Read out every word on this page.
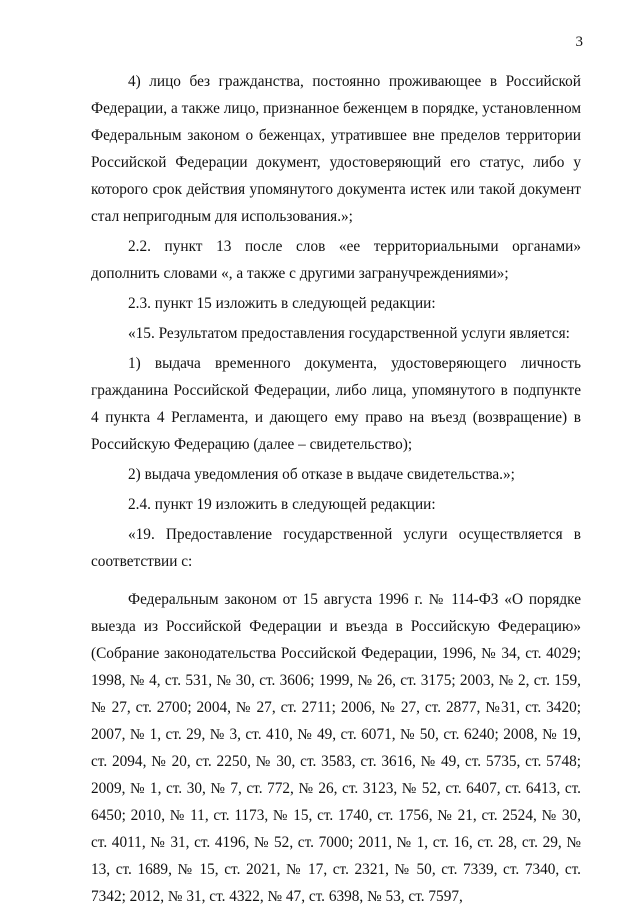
3

4) лицо без гражданства, постоянно проживающее в Российской Федерации, а также лицо, признанное беженцем в порядке, установленном Федеральным законом о беженцах, утратившее вне пределов территории Российской Федерации документ, удостоверяющий его статус, либо у которого срок действия упомянутого документа истек или такой документ стал непригодным для использования.»;

2.2. пункт 13 после слов «ее территориальными органами» дополнить словами «, а также с другими загранучреждениями»;

2.3. пункт 15 изложить в следующей редакции:

«15. Результатом предоставления государственной услуги является:

1) выдача временного документа, удостоверяющего личность гражданина Российской Федерации, либо лица, упомянутого в подпункте 4 пункта 4 Регламента, и дающего ему право на въезд (возвращение) в Российскую Федерацию (далее – свидетельство);

2) выдача уведомления об отказе в выдаче свидетельства.»;

2.4. пункт 19 изложить в следующей редакции:

«19. Предоставление государственной услуги осуществляется в соответствии с:

Федеральным законом от 15 августа 1996 г. № 114-ФЗ «О порядке выезда из Российской Федерации и въезда в Российскую Федерацию» (Собрание законодательства Российской Федерации, 1996, № 34, ст. 4029; 1998, № 4, ст. 531, № 30, ст. 3606; 1999, № 26, ст. 3175; 2003, № 2, ст. 159, № 27, ст. 2700; 2004, № 27, ст. 2711; 2006, № 27, ст. 2877, №31, ст. 3420; 2007, № 1, ст. 29, № 3, ст. 410, № 49, ст. 6071, № 50, ст. 6240; 2008, № 19, ст. 2094, № 20, ст. 2250, № 30, ст. 3583, ст. 3616, № 49, ст. 5735, ст. 5748; 2009, № 1, ст. 30, № 7, ст. 772, № 26, ст. 3123, № 52, ст. 6407, ст. 6413, ст. 6450; 2010, № 11, ст. 1173, № 15, ст. 1740, ст. 1756, № 21, ст. 2524, № 30, ст. 4011, № 31, ст. 4196, № 52, ст. 7000; 2011, № 1, ст. 16, ст. 28, ст. 29, № 13, ст. 1689, № 15, ст. 2021, № 17, ст. 2321, № 50, ст. 7339, ст. 7340, ст. 7342; 2012, № 31, ст. 4322, № 47, ст. 6398, № 53, ст. 7597,
